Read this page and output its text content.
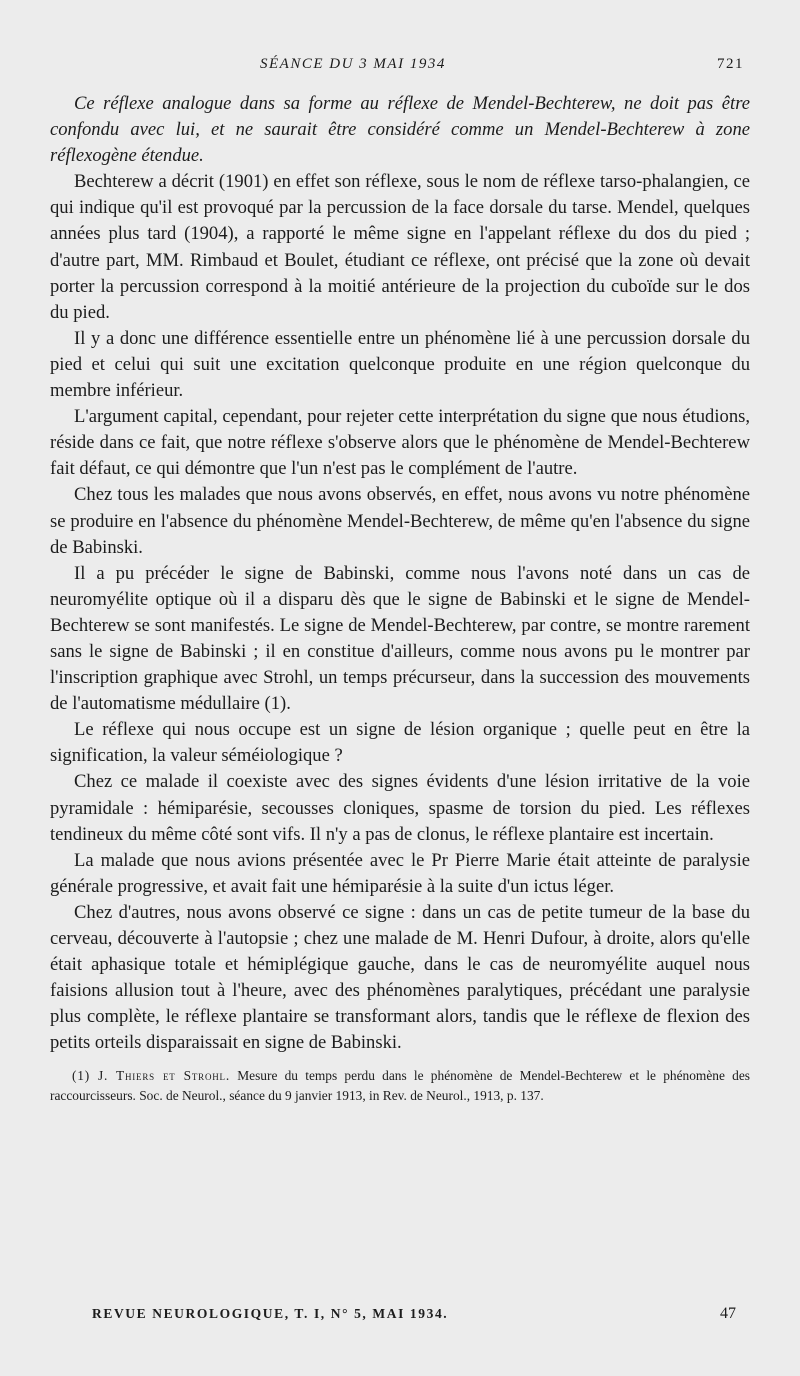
SÉANCE DU 3 MAI 1934	721

Ce réflexe analogue dans sa forme au réflexe de Mendel-Bechterew, ne doit pas être confondu avec lui, et ne saurait être considéré comme un Mendel-Bechterew à zone réflexogène étendue.

Bechterew a décrit (1901) en effet son réflexe, sous le nom de réflexe tarso-phalangien, ce qui indique qu'il est provoqué par la percussion de la face dorsale du tarse. Mendel, quelques années plus tard (1904), a rapporté le même signe en l'appelant réflexe du dos du pied ; d'autre part, MM. Rimbaud et Boulet, étudiant ce réflexe, ont précisé que la zone où devait porter la percussion correspond à la moitié antérieure de la projection du cuboïde sur le dos du pied.

Il y a donc une différence essentielle entre un phénomène lié à une percussion dorsale du pied et celui qui suit une excitation quelconque produite en une région quelconque du membre inférieur.

L'argument capital, cependant, pour rejeter cette interprétation du signe que nous étudions, réside dans ce fait, que notre réflexe s'observe alors que le phénomène de Mendel-Bechterew fait défaut, ce qui démontre que l'un n'est pas le complément de l'autre.

Chez tous les malades que nous avons observés, en effet, nous avons vu notre phénomène se produire en l'absence du phénomène Mendel-Bechterew, de même qu'en l'absence du signe de Babinski.

Il a pu précéder le signe de Babinski, comme nous l'avons noté dans un cas de neuromyélite optique où il a disparu dès que le signe de Babinski et le signe de Mendel-Bechterew se sont manifestés. Le signe de Mendel-Bechterew, par contre, se montre rarement sans le signe de Babinski ; il en constitue d'ailleurs, comme nous avons pu le montrer par l'inscription graphique avec Strohl, un temps précurseur, dans la succession des mouvements de l'automatisme médullaire (1).

Le réflexe qui nous occupe est un signe de lésion organique ; quelle peut en être la signification, la valeur séméiologique ?

Chez ce malade il coexiste avec des signes évidents d'une lésion irritative de la voie pyramidale : hémiparésie, secousses cloniques, spasme de torsion du pied. Les réflexes tendineux du même côté sont vifs. Il n'y a pas de clonus, le réflexe plantaire est incertain.

La malade que nous avions présentée avec le Pr Pierre Marie était atteinte de paralysie générale progressive, et avait fait une hémiparésie à la suite d'un ictus léger.

Chez d'autres, nous avons observé ce signe : dans un cas de petite tumeur de la base du cerveau, découverte à l'autopsie ; chez une malade de M. Henri Dufour, à droite, alors qu'elle était aphasique totale et hémiplégique gauche, dans le cas de neuromyélite auquel nous faisions allusion tout à l'heure, avec des phénomènes paralytiques, précédant une paralysie plus complète, le réflexe plantaire se transformant alors, tandis que le réflexe de flexion des petits orteils disparaissait en signe de Babinski.

(1) J. Thiers et Strohl. Mesure du temps perdu dans le phénomène de Mendel-Bechterew et le phénomène des raccourcisseurs. Soc. de Neurol., séance du 9 janvier 1913, in Rev. de Neurol., 1913, p. 137.

REVUE NEUROLOGIQUE, T. I, N° 5, MAI 1934.	47
